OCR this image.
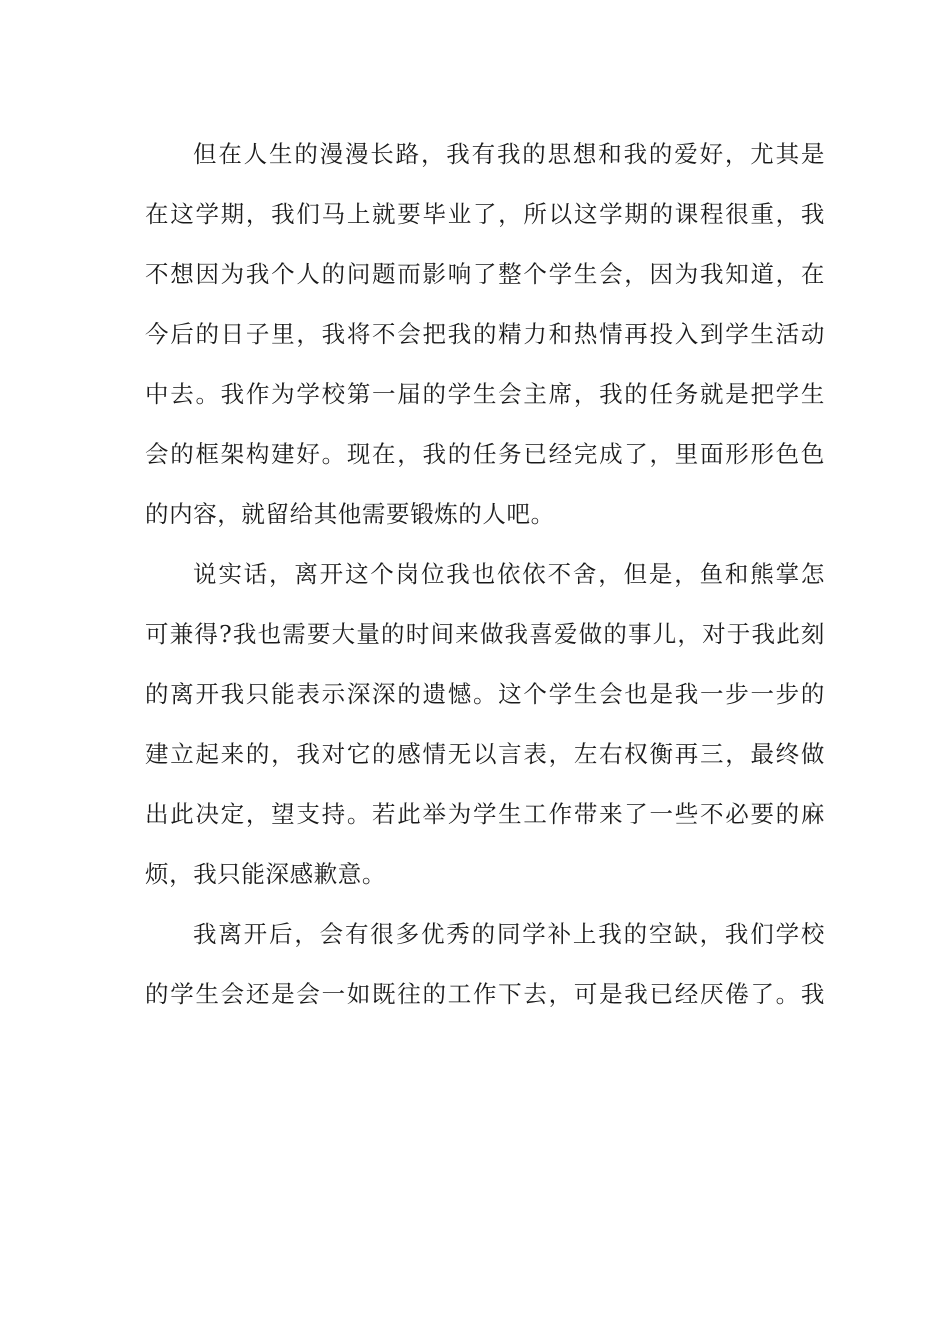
但在人生的漫漫长路，我有我的思想和我的爱好，尤其是
在这学期，我们马上就要毕业了，所以这学期的课程很重，我
不想因为我个人的问题而影响了整个学生会，因为我知道，在
今后的日子里，我将不会把我的精力和热情再投入到学生活动
中去。我作为学校第一届的学生会主席，我的任务就是把学生
会的框架构建好。现在，我的任务已经完成了，里面形形色色
的内容，就留给其他需要锻炼的人吧。
说实话，离开这个岗位我也依依不舍，但是，鱼和熊掌怎
可兼得?我也需要大量的时间来做我喜爱做的事儿，对于我此刻
的离开我只能表示深深的遗憾。这个学生会也是我一步一步的
建立起来的，我对它的感情无以言表，左右权衡再三，最终做
出此决定，望支持。若此举为学生工作带来了一些不必要的麻
烦，我只能深感歉意。
我离开后，会有很多优秀的同学补上我的空缺，我们学校
的学生会还是会一如既往的工作下去，可是我已经厌倦了。我
